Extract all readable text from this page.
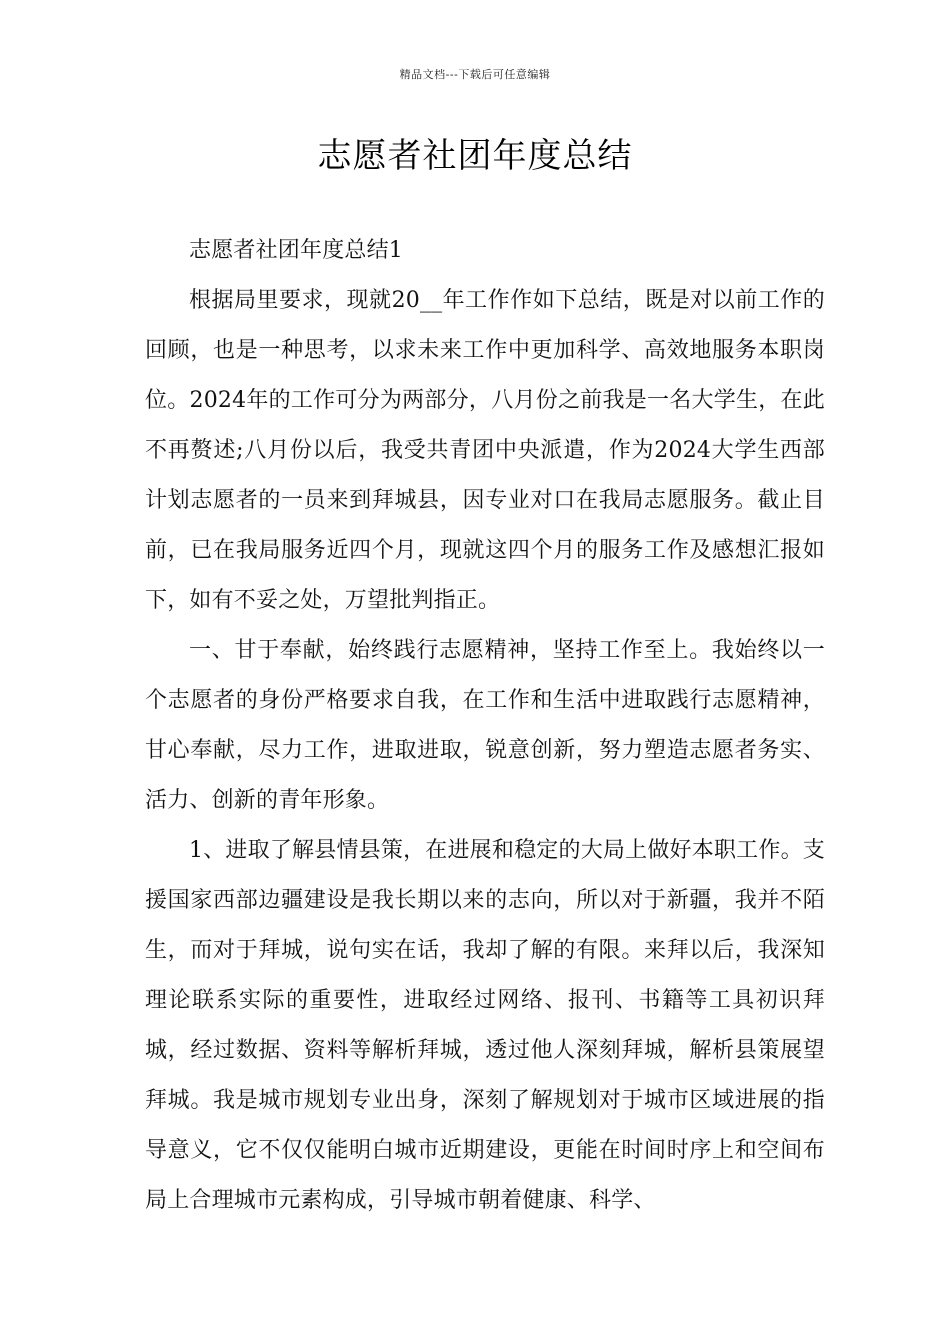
精品文档---下载后可任意编辑
志愿者社团年度总结

志愿者社团年度总结1

根据局里要求，现就20__年工作作如下总结，既是对以前工作的回顾，也是一种思考，以求未来工作中更加科学、高效地服务本职岗位。2024年的工作可分为两部分，八月份之前我是一名大学生，在此不再赘述;八月份以后，我受共青团中央派遣，作为2024大学生西部计划志愿者的一员来到拜城县，因专业对口在我局志愿服务。截止目前，已在我局服务近四个月，现就这四个月的服务工作及感想汇报如下，如有不妥之处，万望批判指正。

一、甘于奉献，始终践行志愿精神，坚持工作至上。我始终以一个志愿者的身份严格要求自我，在工作和生活中进取践行志愿精神，甘心奉献，尽力工作，进取进取，锐意创新，努力塑造志愿者务实、活力、创新的青年形象。

1、进取了解县情县策，在进展和稳定的大局上做好本职工作。支援国家西部边疆建设是我长期以来的志向，所以对于新疆，我并不陌生，而对于拜城，说句实在话，我却了解的有限。来拜以后，我深知理论联系实际的重要性，进取经过网络、报刊、书籍等工具初识拜城，经过数据、资料等解析拜城，透过他人深刻拜城，解析县策展望拜城。我是城市规划专业出身，深刻了解规划对于城市区域进展的指导意义，它不仅仅能明白城市近期建设，更能在时间时序上和空间布局上合理城市元素构成，引导城市朝着健康、科学、
